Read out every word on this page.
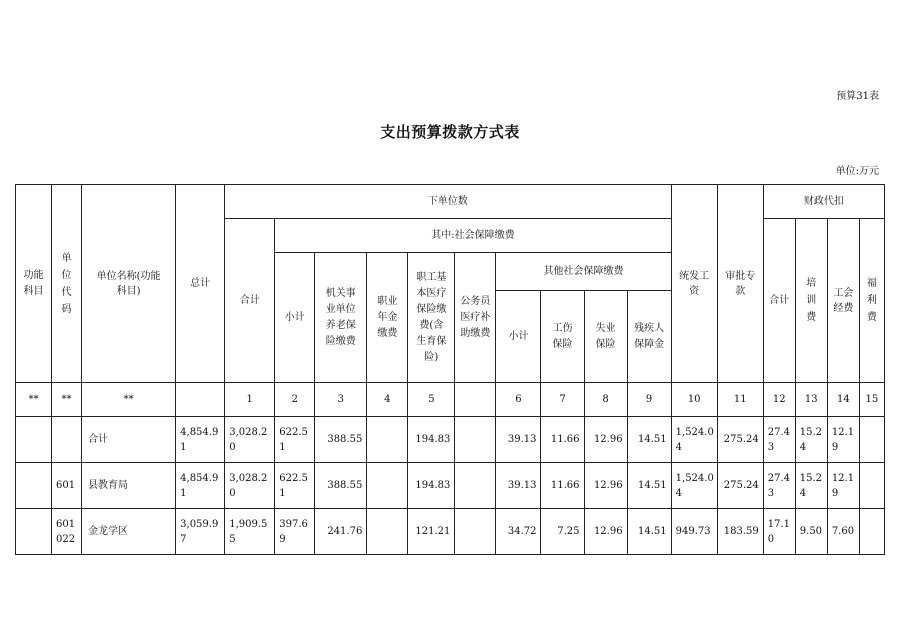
预算31表
支出预算拨款方式表
单位:万元
功能科目	单位代码	单位名称(功能科目)	总计	下单位数										统发工资	审批专款	财政代扣			
				合计	其中:社会保障缴费											合计	培训费	工会经费	福利费
					小计	机关事业单位养老保险缴费	职业年金缴费	职工基本医疗保险缴费(含生育保险)	公务员医疗补助缴费	其他社会保障缴费									
										小计	工伤保险	失业保险	残疾人保障金						
**	**	**		1	2	3	4	5		6	7	8	9	10	11	12	13	14	15
		合计	4,854.91	3,028.20	622.51	388.55		194.83		39.13	11.66	12.96	14.51	1,524.04	275.24	27.43	15.24	12.19	
	601	县教育局	4,854.91	3,028.20	622.51	388.55		194.83		39.13	11.66	12.96	14.51	1,524.04	275.24	27.43	15.24	12.19	
	601022	金龙学区	3,059.97	1,909.55	397.69	241.76		121.21		34.72	7.25	12.96	14.51	949.73	183.59	17.10	9.50	7.60	
